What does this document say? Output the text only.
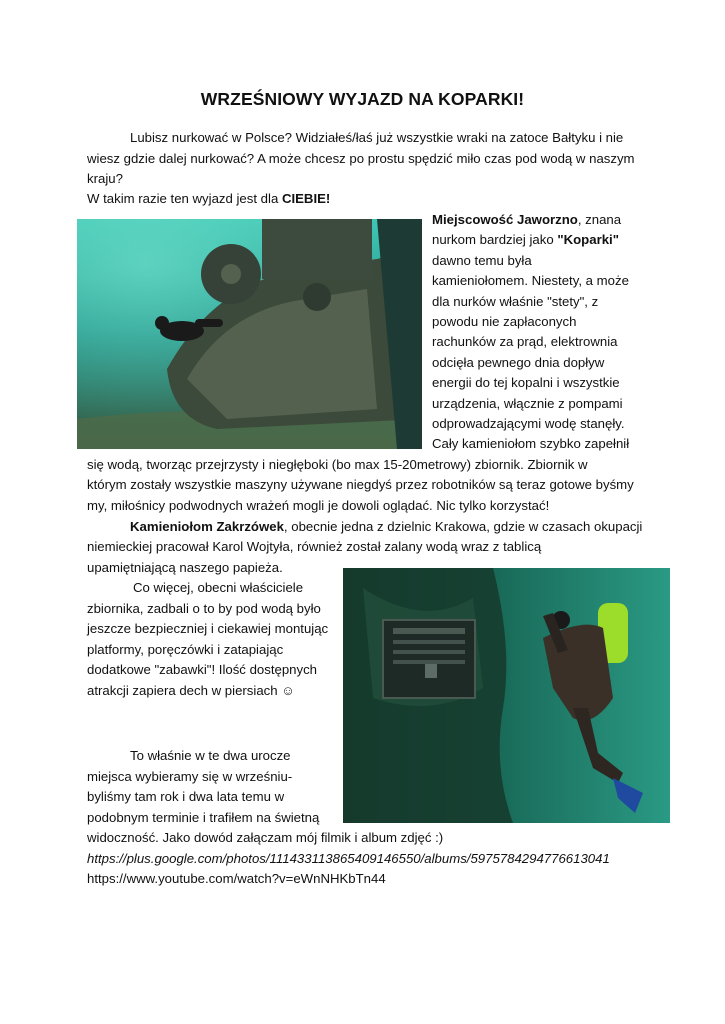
WRZEŚNIOWY WYJAZD NA KOPARKI!
Lubisz nurkować w Polsce? Widziałeś/łaś już wszystkie wraki na zatoce Bałtyku i nie
wiesz gdzie dalej nurkować? A może chcesz po prostu spędzić miło czas pod wodą w naszym
kraju?
W takim razie ten wyjazd jest dla CIEBIE!
Miejscowość Jaworzno, znana
nurkom bardziej jako "Koparki"
dawno temu była
kamieniołomem. Niestety, a może
dla nurków właśnie "stety", z
powodu nie zapłaconych
rachunków za prąd, elektrownia
odcięła pewnego dnia dopływ
energii do tej kopalni i wszystkie
urządzenia, włącznie z pompami
odprowadzającymi wodę stanęły.
Cały kamieniołom szybko zapełnił
się wodą, tworząc przejrzysty i niegłęboki (bo max 15-20metrowy) zbiornik. Zbiornik w
którym zostały wszystkie maszyny używane niegdyś przez robotników są teraz gotowe byśmy
my, miłośnicy podwodnych wrażeń mogli je dowoli oglądać. Nic tylko korzystać!
Kamieniołom Zakrzówek, obecnie jedna z dzielnic Krakowa, gdzie w czasach okupacji
niemieckiej pracował Karol Wojtyła, również został zalany wodą wraz z tablicą
upamiętniającą naszego papieża.
Co więcej, obecni właściciele
zbiornika, zadbali o to by pod wodą było
jeszcze bezpieczniej i ciekawiej montując
platformy, poręczówki i zatapiając
dodatkowe "zabawki"! Ilość dostępnych
atrakcji zapiera dech w piersiach ☺
To właśnie w te dwa urocze
miejsca wybieramy się w wrześniu-
byliśmy tam rok i dwa lata temu w
podobnym terminie i trafiłem na świetną
widoczność. Jako dowód załączam mój filmik i album zdjęć :)
https://plus.google.com/photos/111433113865409146550/albums/5975784294776613041
https://www.youtube.com/watch?v=eWnNHKbTn44
